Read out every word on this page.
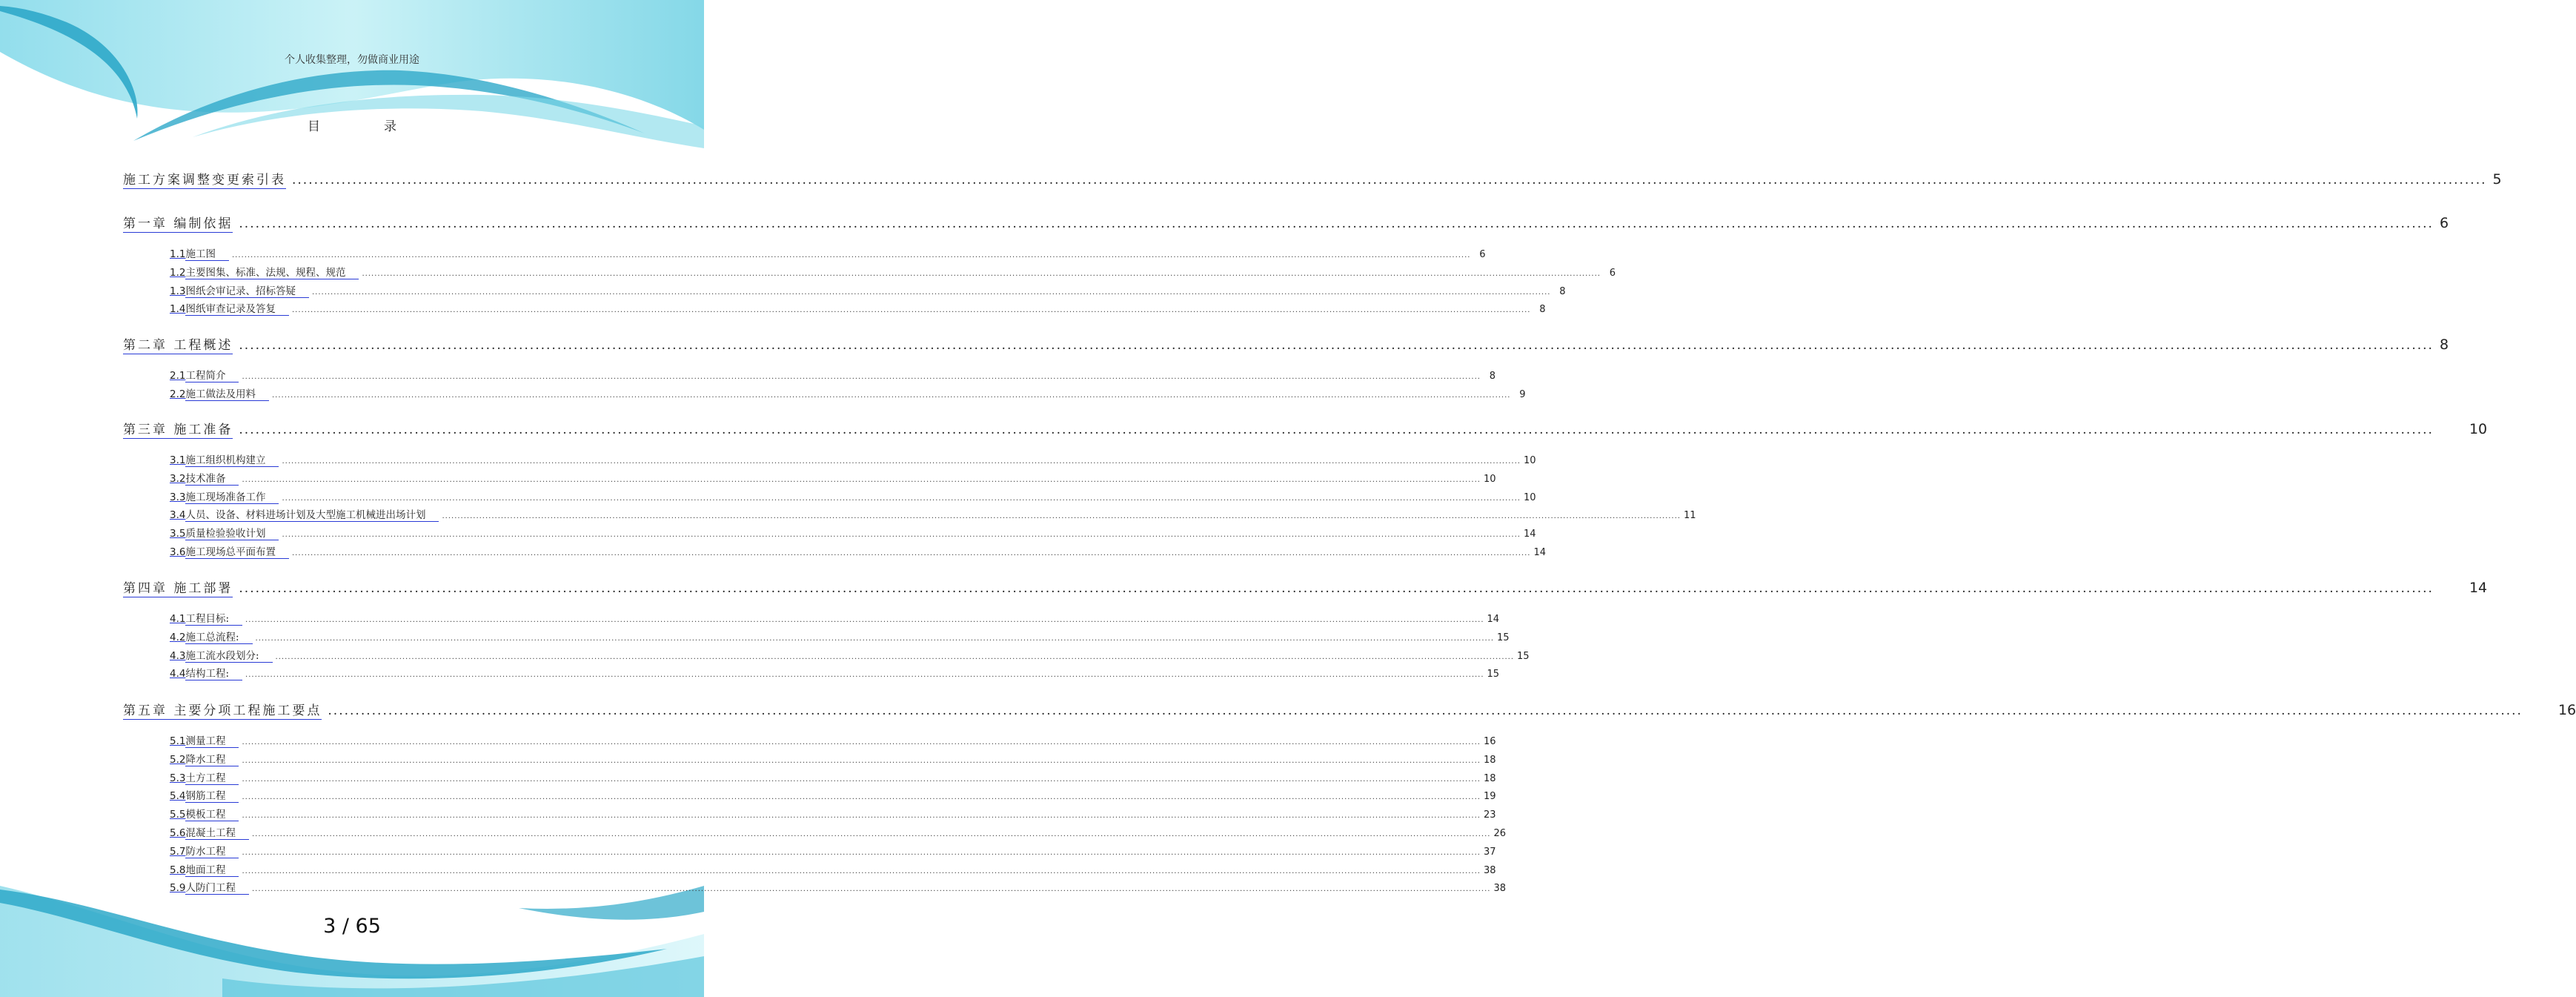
个人收集整理，勿做商业用途
目	录
施工方案调整变更索引表 ................................................................................................................................................................................................................................................................................................................................................................................................................ 5
第一章 编制依据 ................................................................................................................................................................................................................................................................................................................................................................................................................ 6
1.1 施工图	................................................................................................................................................................................................................................................................................................................................................................................................................ 6
1.2 主要图集、标准、法规、规程、规范	................................................................................................................................................................................................................................................................................................................................................................................................................ 6
1.3 图纸会审记录、招标答疑	................................................................................................................................................................................................................................................................................................................................................................................................................ 8
1.4 图纸审查记录及答复	................................................................................................................................................................................................................................................................................................................................................................................................................ 8
第二章 工程概述 ................................................................................................................................................................................................................................................................................................................................................................................................................ 8
2.1 工程简介	................................................................................................................................................................................................................................................................................................................................................................................................................ 8
2.2 施工做法及用料	................................................................................................................................................................................................................................................................................................................................................................................................................ 9
第三章 施工准备 ................................................................................................................................................................................................................................................................................................................................................................................................................	10
3.1 施工组织机构建立	................................................................................................................................................................................................................................................................................................................................................................................................................ 10
3.2 技术准备	................................................................................................................................................................................................................................................................................................................................................................................................................ 10
3.3 施工现场准备工作	................................................................................................................................................................................................................................................................................................................................................................................................................ 10
3.4 人员、设备、材料进场计划及大型施工机械进出场计划	................................................................................................................................................................................................................................................................................................................................................................................................................ 11
3.5 质量检验验收计划	................................................................................................................................................................................................................................................................................................................................................................................................................ 14
3.6 施工现场总平面布置	................................................................................................................................................................................................................................................................................................................................................................................................................ 14
第四章 施工部署 ................................................................................................................................................................................................................................................................................................................................................................................................................	14
4.1 工程目标:	................................................................................................................................................................................................................................................................................................................................................................................................................ 14
4.2 施工总流程:	................................................................................................................................................................................................................................................................................................................................................................................................................ 15
4.3 施工流水段划分:	................................................................................................................................................................................................................................................................................................................................................................................................................ 15
4.4 结构工程:	................................................................................................................................................................................................................................................................................................................................................................................................................ 15
第五章 主要分项工程施工要点 ................................................................................................................................................................................................................................................................................................................................................................................................................	16
5.1 测量工程	................................................................................................................................................................................................................................................................................................................................................................................................................ 16
5.2 降水工程	................................................................................................................................................................................................................................................................................................................................................................................................................ 18
5.3 土方工程	................................................................................................................................................................................................................................................................................................................................................................................................................ 18
5.4 钢筋工程	................................................................................................................................................................................................................................................................................................................................................................................................................ 19
5.5 模板工程	................................................................................................................................................................................................................................................................................................................................................................................................................ 23
5.6 混凝土工程	................................................................................................................................................................................................................................................................................................................................................................................................................ 26
5.7 防水工程	................................................................................................................................................................................................................................................................................................................................................................................................................ 37
5.8 地面工程	................................................................................................................................................................................................................................................................................................................................................................................................................ 38
5.9 人防门工程	................................................................................................................................................................................................................................................................................................................................................................................................................ 38
3 / 65
